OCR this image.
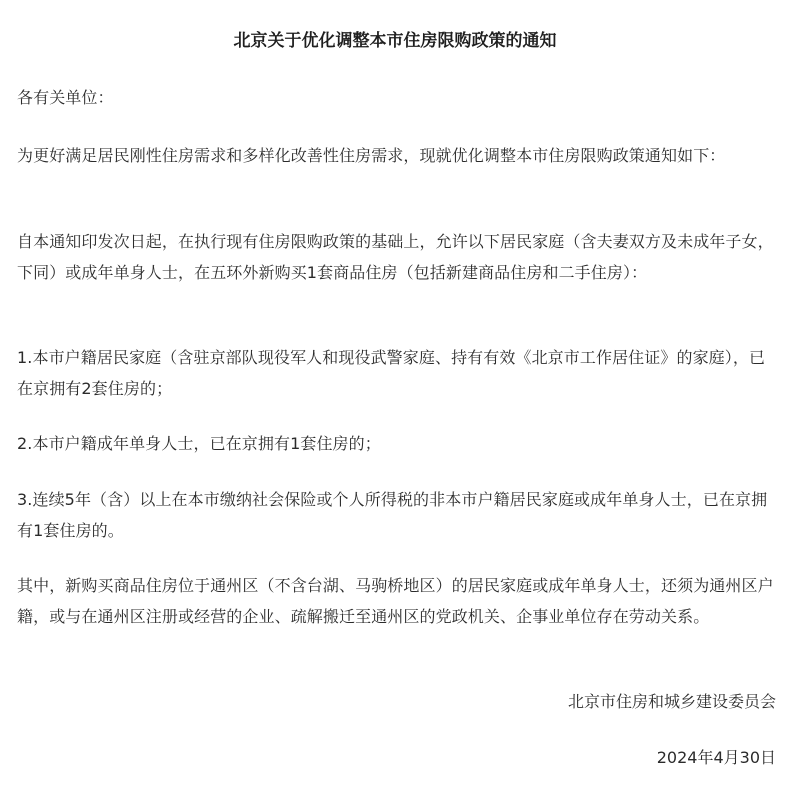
北京关于优化调整本市住房限购政策的通知

各有关单位：

为更好满足居民刚性住房需求和多样化改善性住房需求，现就优化调整本市住房限购政策通知如下：

自本通知印发次日起，在执行现有住房限购政策的基础上，允许以下居民家庭（含夫妻双方及未成年子女，下同）或成年单身人士，在五环外新购买1套商品住房（包括新建商品住房和二手住房）：

1.本市户籍居民家庭（含驻京部队现役军人和现役武警家庭、持有有效《北京市工作居住证》的家庭），已在京拥有2套住房的；

2.本市户籍成年单身人士，已在京拥有1套住房的；

3.连续5年（含）以上在本市缴纳社会保险或个人所得税的非本市户籍居民家庭或成年单身人士，已在京拥有1套住房的。

其中，新购买商品住房位于通州区（不含台湖、马驹桥地区）的居民家庭或成年单身人士，还须为通州区户籍，或与在通州区注册或经营的企业、疏解搬迁至通州区的党政机关、企事业单位存在劳动关系。

北京市住房和城乡建设委员会
2024年4月30日
